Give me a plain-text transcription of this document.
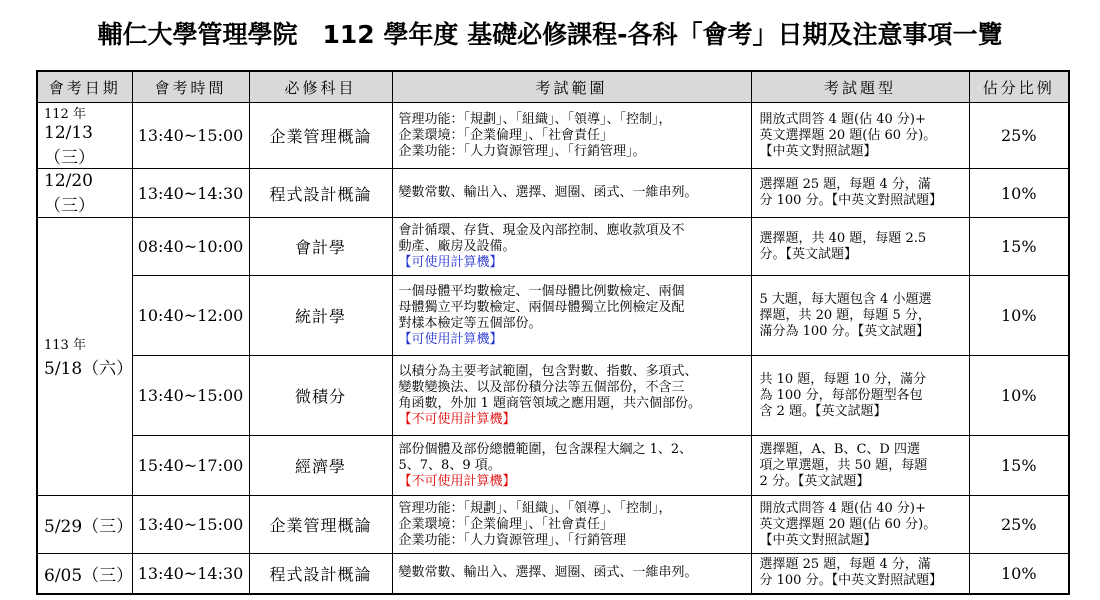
輔仁大學管理學院　112 學年度 基礎必修課程-各科「會考」日期及注意事項一覽
會考日期	會考時間	必修科目	考試範圍	考試題型	佔分比例

112 年
12/13（三）	13:40~15:00	企業管理概論	管理功能：「規劃」、「組織」、「領導」、「控制」，
企業環境：「企業倫理」、「社會責任」
企業功能：「人力資源管理」、「行銷管理」。	開放式問答 4 題(佔 40 分)+
英文選擇題 20 題(佔 60 分)。
【中英文對照試題】	25%
12/20（三）	13:40~14:30	程式設計概論	變數常數、輸出入、選擇、迴圈、函式、一維串列。	選擇題 25 題，每題 4 分，滿
分 100 分。【中英文對照試題】	10%

113 年
5/18（六）	08:40~10:00	會計學	會計循環、存貨、現金及內部控制、應收款項及不
動產、廠房及設備。
【可使用計算機】	選擇題，共 40 題，每題 2.5
分。【英文試題】	15%
	10:40~12:00	統計學	一個母體平均數檢定、一個母體比例數檢定、兩個
母體獨立平均數檢定、兩個母體獨立比例檢定及配
對樣本檢定等五個部份。
【可使用計算機】	5 大題，每大題包含 4 小題選
擇題，共 20 題，每題 5 分，
滿分為 100 分。【英文試題】	10%
	13:40~15:00	微積分	以積分為主要考試範圍，包含對數、指數、多項式、
變數變換法、以及部份積分法等五個部份，不含三
角函數，外加 1 題商管領域之應用題，共六個部份。
【不可使用計算機】	共 10 題，每題 10 分，滿分
為 100 分，每部份題型各包
含 2 題。【英文試題】	10%
	15:40~17:00	經濟學	部份個體及部份總體範圍，包含課程大綱之 1、2、
5、7、8、9 項。
【不可使用計算機】	選擇題，A、B、C、D 四選
項之單選題，共 50 題，每題
2 分。【英文試題】	15%
5/29（三）	13:40~15:00	企業管理概論	管理功能：「規劃」、「組織」、「領導」、「控制」，
企業環境：「企業倫理」、「社會責任」
企業功能：「人力資源管理」、「行銷管理	開放式問答 4 題(佔 40 分)+
英文選擇題 20 題(佔 60 分)。
【中英文對照試題】	25%
6/05（三）	13:40~14:30	程式設計概論	變數常數、輸出入、選擇、迴圈、函式、一維串列。	選擇題 25 題，每題 4 分，滿
分 100 分。【中英文對照試題】	10%
